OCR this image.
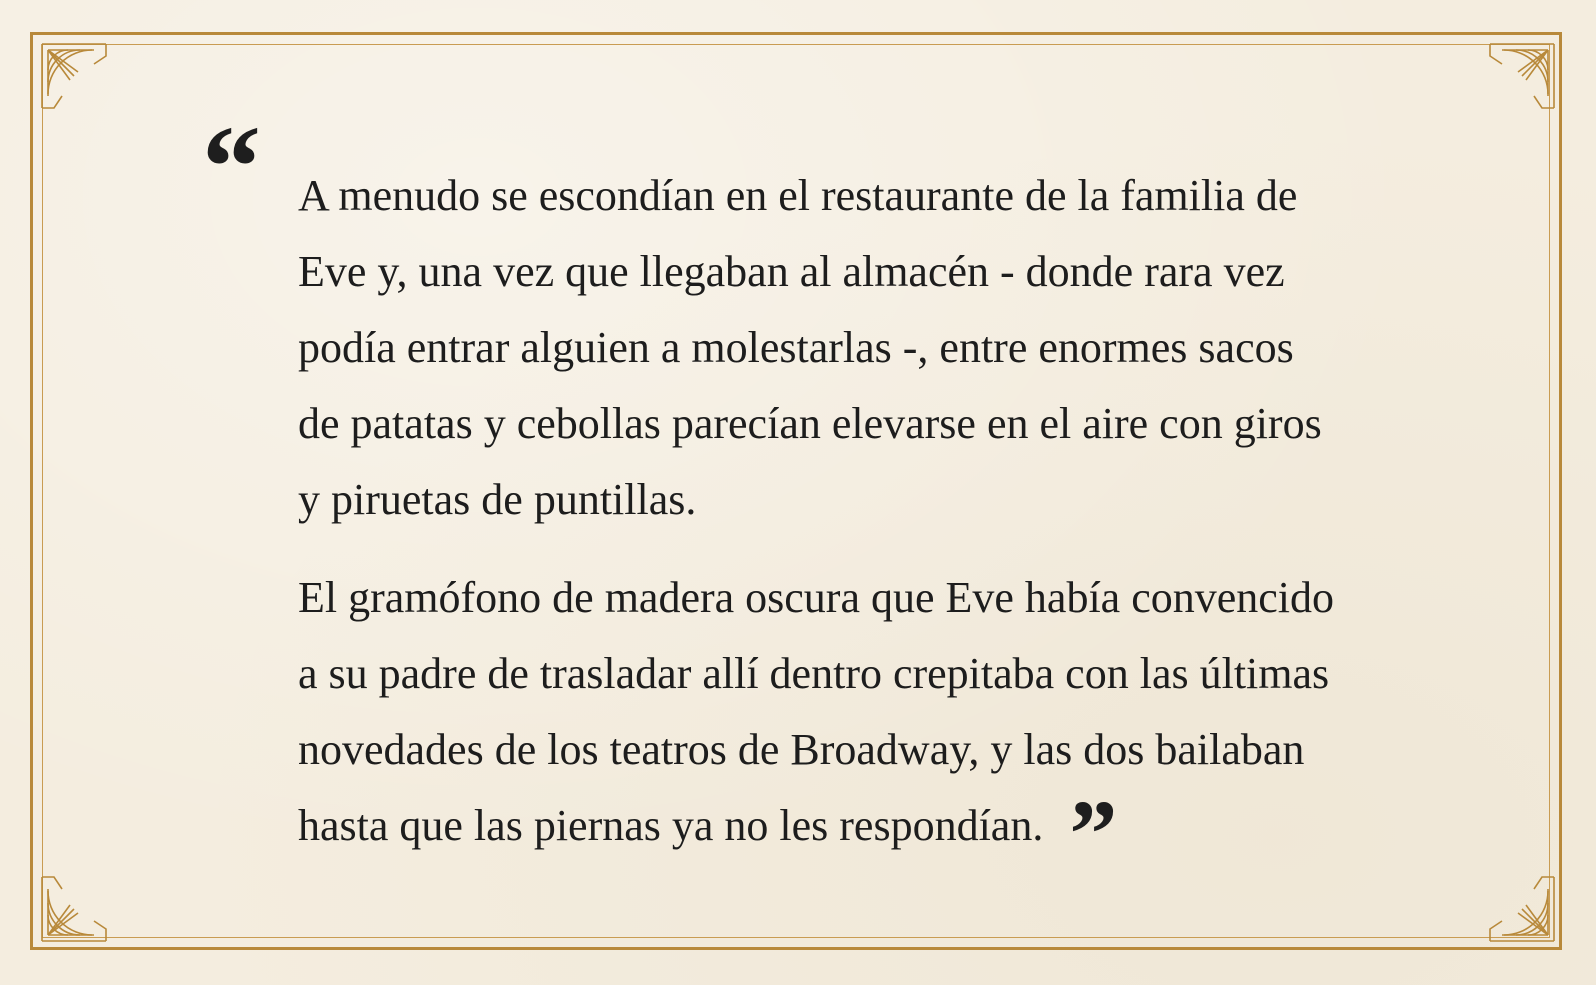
“ A menudo se escondían en el restaurante de la familia de
Eve y, una vez que llegaban al almacén - donde rara vez
podía entrar alguien a molestarlas -, entre enormes sacos
de patatas y cebollas parecían elevarse en el aire con giros
y piruetas de puntillas.

El gramófono de madera oscura que Eve había convencido
a su padre de trasladar allí dentro crepitaba con las últimas
novedades de los teatros de Broadway, y las dos bailaban
hasta que las piernas ya no les respondían. ”
